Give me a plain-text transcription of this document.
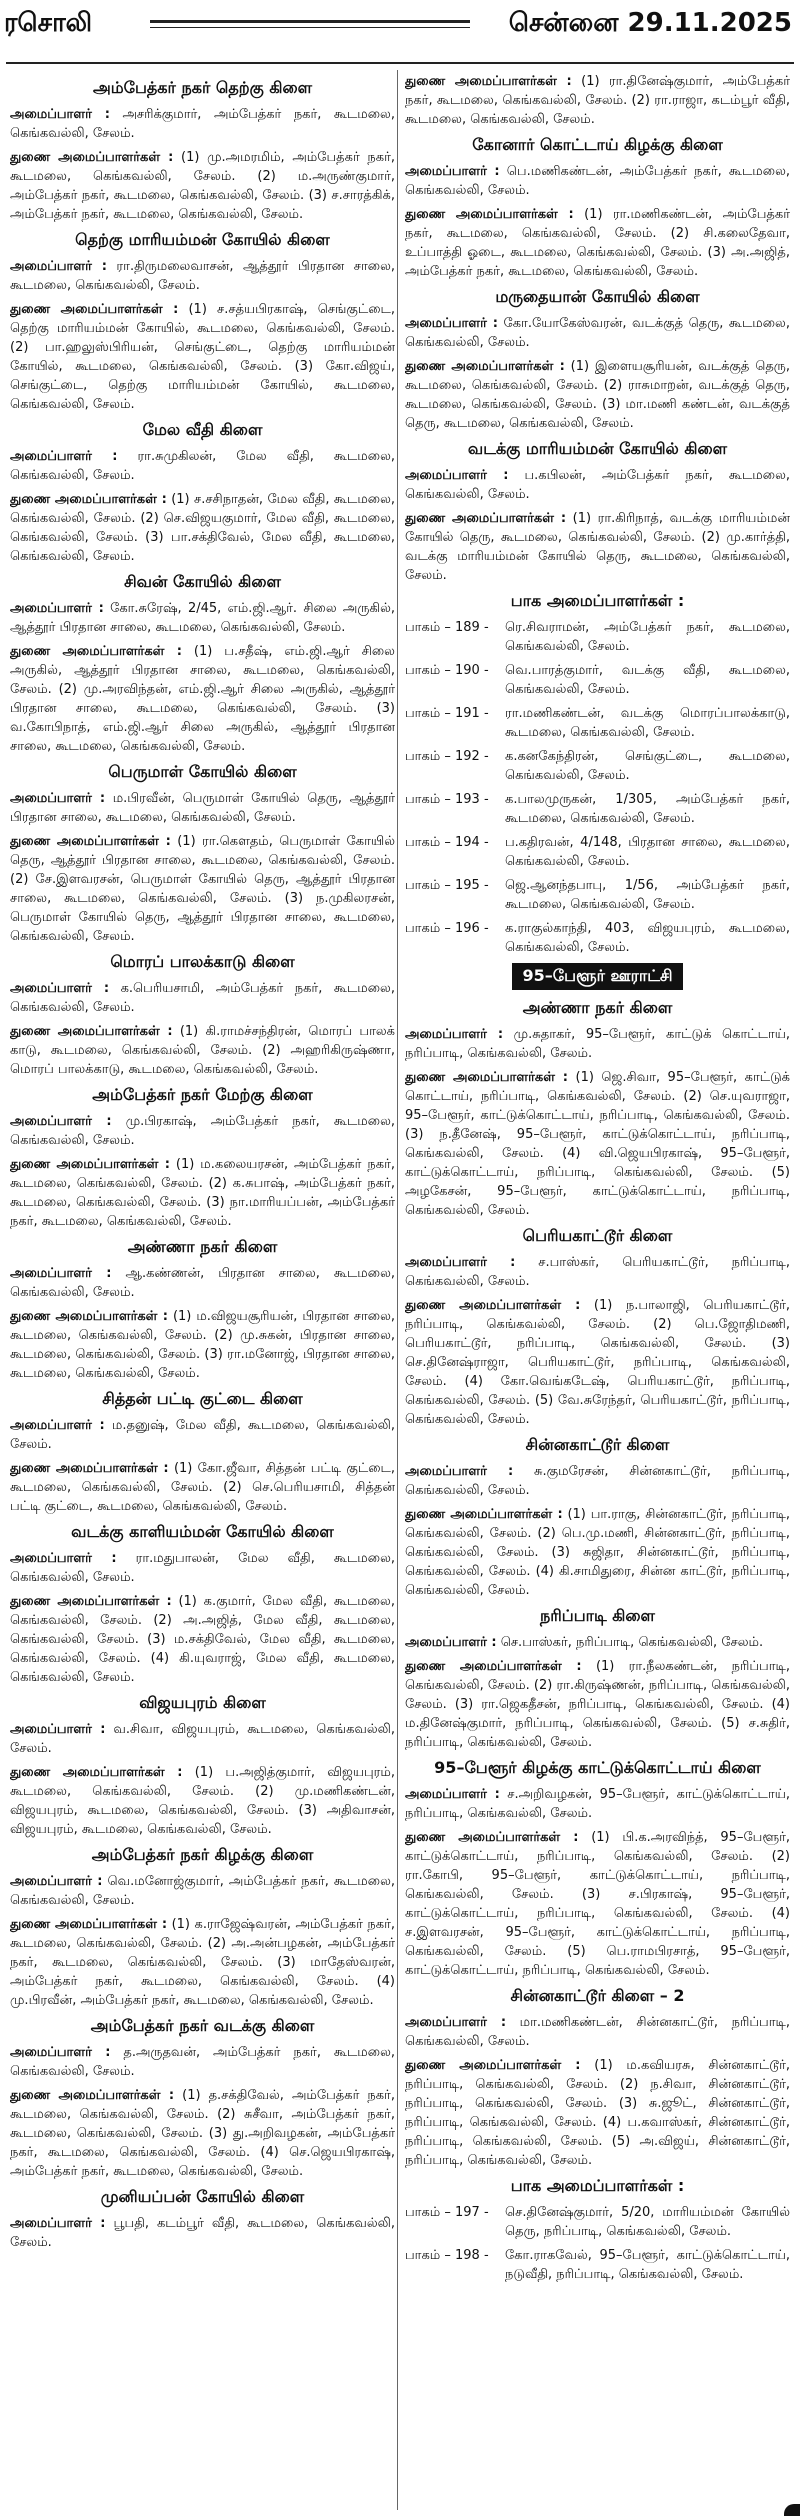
ரசொலி	சென்னை 29.11.2025
அம்பேத்கர் நகர் தெற்கு கிளை

அமைப்பாளர் : அசரிக்குமார், அம்பேத்கர் நகர், கூடமலை, கெங்கவல்லி, சேலம்.

துணை அமைப்பாளர்கள் : (1) மு.அமரமிம், அம்பேத்கர் நகர், கூடமலை, கெங்கவல்லி, சேலம். (2) ம.அருண்குமார், அம்பேத்கர் நகர், கூடமலை, கெங்கவல்லி, சேலம். (3) ச.சாரத்கிக், அம்பேத்கர் நகர், கூடமலை, கெங்கவல்லி, சேலம்.

தெற்கு மாரியம்மன் கோயில் கிளை

அமைப்பாளர் : ரா.திருமலைவாசன், ஆத்தூர் பிரதான சாலை, கூடமலை, கெங்கவல்லி, சேலம்.

துணை அமைப்பாளர்கள் : (1) ச.சத்யபிரகாஷ், செங்குட்டை, தெற்கு மாரியம்மன் கோயில், கூடமலை, கெங்கவல்லி, சேலம். (2) பா.ஹலுஸ்பிரியன், செங்குட்டை, தெற்கு மாரியம்மன் கோயில், கூடமலை, கெங்கவல்லி, சேலம். (3) கோ.விஜய், செங்குட்டை, தெற்கு மாரியம்மன் கோயில், கூடமலை, கெங்கவல்லி, சேலம்.

மேல வீதி கிளை

அமைப்பாளர் : ரா.சுமுகிலன், மேல வீதி, கூடமலை, கெங்கவல்லி, சேலம்.

துணை அமைப்பாளர்கள் : (1) ச.சசிநாதன், மேல வீதி, கூடமலை, கெங்கவல்லி, சேலம். (2) செ.விஜயகுமார், மேல வீதி, கூடமலை, கெங்கவல்லி, சேலம். (3) பா.சக்திவேல், மேல வீதி, கூடமலை, கெங்கவல்லி, சேலம்.

சிவன் கோயில் கிளை

அமைப்பாளர் : கோ.சுரேஷ், 2/45, எம்.ஜி.ஆர். சிலை அருகில், ஆத்தூர் பிரதான சாலை, கூடமலை, கெங்கவல்லி, சேலம்.

துணை அமைப்பாளர்கள் : (1) ப.சதீஷ், எம்.ஜி.ஆர் சிலை அருகில், ஆத்தூர் பிரதான சாலை, கூடமலை, கெங்கவல்லி, சேலம். (2) மு.அரவிந்தன், எம்.ஜி.ஆர் சிலை அருகில், ஆத்தூர் பிரதான சாலை, கூடமலை, கெங்கவல்லி, சேலம். (3) வ.கோபிநாத், எம்.ஜி.ஆர் சிலை அருகில், ஆத்தூர் பிரதான சாலை, கூடமலை, கெங்கவல்லி, சேலம்.

பெருமாள் கோயில் கிளை

அமைப்பாளர் : ம.பிரவீன், பெருமாள் கோயில் தெரு, ஆத்தூர் பிரதான சாலை, கூடமலை, கெங்கவல்லி, சேலம்.

துணை அமைப்பாளர்கள் : (1) ரா.கௌதம், பெருமாள் கோயில் தெரு, ஆத்தூர் பிரதான சாலை, கூடமலை, கெங்கவல்லி, சேலம். (2) சே.இளவரசன், பெருமாள் கோயில் தெரு, ஆத்தூர் பிரதான சாலை, கூடமலை, கெங்கவல்லி, சேலம். (3) ந.முகிலரசன், பெருமாள் கோயில் தெரு, ஆத்தூர் பிரதான சாலை, கூடமலை, கெங்கவல்லி, சேலம்.

மொரப் பாலக்காடு கிளை

அமைப்பாளர் : க.பெரியசாமி, அம்பேத்கர் நகர், கூடமலை, கெங்கவல்லி, சேலம்.

துணை அமைப்பாளர்கள் : (1) கி.ராமச்சந்திரன், மொரப் பாலக் காடு, கூடமலை, கெங்கவல்லி, சேலம். (2) அஹரிகிருஷ்ணா, மொரப் பாலக்காடு, கூடமலை, கெங்கவல்லி, சேலம்.

அம்பேத்கர் நகர் மேற்கு கிளை

அமைப்பாளர் : மு.பிரகாஷ், அம்பேத்கர் நகர், கூடமலை, கெங்கவல்லி, சேலம்.

துணை அமைப்பாளர்கள் : (1) ம.கலையரசன், அம்பேத்கர் நகர், கூடமலை, கெங்கவல்லி, சேலம். (2) க.சுபாஷ், அம்பேத்கர் நகர், கூடமலை, கெங்கவல்லி, சேலம். (3) நா.மாரியப்பன், அம்பேத்கர் நகர், கூடமலை, கெங்கவல்லி, சேலம்.

அண்ணா நகர் கிளை

அமைப்பாளர் : ஆ.கண்ணன், பிரதான சாலை, கூடமலை, கெங்கவல்லி, சேலம்.

துணை அமைப்பாளர்கள் : (1) ம.விஜயசூரியன், பிரதான சாலை, கூடமலை, கெங்கவல்லி, சேலம். (2) மு.சுகன், பிரதான சாலை, கூடமலை, கெங்கவல்லி, சேலம். (3) ரா.மனோஜ், பிரதான சாலை, கூடமலை, கெங்கவல்லி, சேலம்.

சித்தன் பட்டி குட்டை கிளை

அமைப்பாளர் : ம.தனுஷ், மேல வீதி, கூடமலை, கெங்கவல்லி, சேலம்.

துணை அமைப்பாளர்கள் : (1) கோ.ஜீவா, சித்தன் பட்டி குட்டை, கூடமலை, கெங்கவல்லி, சேலம். (2) செ.பெரியசாமி, சித்தன் பட்டி குட்டை, கூடமலை, கெங்கவல்லி, சேலம்.

வடக்கு காளியம்மன் கோயில் கிளை

அமைப்பாளர் : ரா.மதுபாலன், மேல வீதி, கூடமலை, கெங்கவல்லி, சேலம்.

துணை அமைப்பாளர்கள் : (1) க.குமார், மேல வீதி, கூடமலை, கெங்கவல்லி, சேலம். (2) அ.அஜித், மேல வீதி, கூடமலை, கெங்கவல்லி, சேலம். (3) ம.சக்திவேல், மேல வீதி, கூடமலை, கெங்கவல்லி, சேலம். (4) கி.யுவராஜ், மேல வீதி, கூடமலை, கெங்கவல்லி, சேலம்.

விஜயபுரம் கிளை

அமைப்பாளர் : வ.சிவா, விஜயபுரம், கூடமலை, கெங்கவல்லி, சேலம்.

துணை அமைப்பாளர்கள் : (1) ப.அஜித்குமார், விஜயபுரம், கூடமலை, கெங்கவல்லி, சேலம். (2) மு.மணிகண்டன், விஜயபுரம், கூடமலை, கெங்கவல்லி, சேலம். (3) அதிவாசன், விஜயபுரம், கூடமலை, கெங்கவல்லி, சேலம்.

அம்பேத்கர் நகர் கிழக்கு கிளை

அமைப்பாளர் : வெ.மனோஜ்குமார், அம்பேத்கர் நகர், கூடமலை, கெங்கவல்லி, சேலம்.

துணை அமைப்பாளர்கள் : (1) க.ராஜேஷ்வரன், அம்பேத்கர் நகர், கூடமலை, கெங்கவல்லி, சேலம். (2) அ.அன்பழகன், அம்பேத்கர் நகர், கூடமலை, கெங்கவல்லி, சேலம். (3) மாதேஸ்வரன், அம்பேத்கர் நகர், கூடமலை, கெங்கவல்லி, சேலம். (4) மு.பிரவீன், அம்பேத்கர் நகர், கூடமலை, கெங்கவல்லி, சேலம்.

அம்பேத்கர் நகர் வடக்கு கிளை

அமைப்பாளர் : த.அருதவன், அம்பேத்கர் நகர், கூடமலை, கெங்கவல்லி, சேலம்.

துணை அமைப்பாளர்கள் : (1) த.சக்திவேல், அம்பேத்கர் நகர், கூடமலை, கெங்கவல்லி, சேலம். (2) சுசீவா, அம்பேத்கர் நகர், கூடமலை, கெங்கவல்லி, சேலம். (3) து.அறிவழகன், அம்பேத்கர் நகர், கூடமலை, கெங்கவல்லி, சேலம். (4) செ.ஜெயபிரகாஷ், அம்பேத்கர் நகர், கூடமலை, கெங்கவல்லி, சேலம்.

முனியப்பன் கோயில் கிளை

அமைப்பாளர் : பூபதி, கடம்பூர் வீதி, கூடமலை, கெங்கவல்லி, சேலம்.

துணை அமைப்பாளர்கள் : (1) ரா.தினேஷ்குமார், அம்பேத்கர் நகர், கூடமலை, கெங்கவல்லி, சேலம். (2) ரா.ராஜா, கடம்பூர் வீதி, கூடமலை, கெங்கவல்லி, சேலம்.

கோனார் கொட்டாய் கிழக்கு கிளை

அமைப்பாளர் : பெ.மணிகண்டன், அம்பேத்கர் நகர், கூடமலை, கெங்கவல்லி, சேலம்.

துணை அமைப்பாளர்கள் : (1) ரா.மணிகண்டன், அம்பேத்கர் நகர், கூடமலை, கெங்கவல்லி, சேலம். (2) சி.கலைதேவா, உப்பாத்தி ஓடை, கூடமலை, கெங்கவல்லி, சேலம். (3) அ.அஜித், அம்பேத்கர் நகர், கூடமலை, கெங்கவல்லி, சேலம்.

மருதையான் கோயில் கிளை

அமைப்பாளர் : கோ.யோகேஸ்வரன், வடக்குத் தெரு, கூடமலை, கெங்கவல்லி, சேலம்.

துணை அமைப்பாளர்கள் : (1) இளையசூரியன், வடக்குத் தெரு, கூடமலை, கெங்கவல்லி, சேலம். (2) ராசுமாறன், வடக்குத் தெரு, கூடமலை, கெங்கவல்லி, சேலம். (3) மா.மணி கண்டன், வடக்குத் தெரு, கூடமலை, கெங்கவல்லி, சேலம்.

வடக்கு மாரியம்மன் கோயில் கிளை

அமைப்பாளர் : ப.கபிலன், அம்பேத்கர் நகர், கூடமலை, கெங்கவல்லி, சேலம்.

துணை அமைப்பாளர்கள் : (1) ரா.கிரிநாத், வடக்கு மாரியம்மன் கோயில் தெரு, கூடமலை, கெங்கவல்லி, சேலம். (2) மு.கார்த்தி, வடக்கு மாரியம்மன் கோயில் தெரு, கூடமலை, கெங்கவல்லி, சேலம்.

பாக அமைப்பாளர்கள் :
பாகம் – 189 -	ரெ.சிவராமன், அம்பேத்கர் நகர், கூடமலை, கெங்கவல்லி, சேலம்.
பாகம் – 190 -	வெ.பாரத்குமார், வடக்கு வீதி, கூடமலை, கெங்கவல்லி, சேலம்.
பாகம் – 191 -	ரா.மணிகண்டன், வடக்கு மொரப்பாலக்காடு, கூடமலை, கெங்கவல்லி, சேலம்.
பாகம் – 192 -	க.கனகேந்திரன், செங்குட்டை, கூடமலை, கெங்கவல்லி, சேலம்.
பாகம் – 193 -	க.பாலமுருகன், 1/305, அம்பேத்கர் நகர், கூடமலை, கெங்கவல்லி, சேலம்.
பாகம் – 194 -	ப.கதிரவன், 4/148, பிரதான சாலை, கூடமலை, கெங்கவல்லி, சேலம்.
பாகம் – 195 -	ஜெ.ஆனந்தபாபு, 1/56, அம்பேத்கர் நகர், கூடமலை, கெங்கவல்லி, சேலம்.
பாகம் – 196 -	க.ராகுல்காந்தி, 403, விஜயபுரம், கூடமலை, கெங்கவல்லி, சேலம்.
95–பேளூர் ஊராட்சி
அண்ணா நகர் கிளை

அமைப்பாளர் : மு.சுதாகர், 95–பேளூர், காட்டுக் கொட்டாய், நரிப்பாடி, கெங்கவல்லி, சேலம்.

துணை அமைப்பாளர்கள் : (1) ஜெ.சிவா, 95–பேளூர், காட்டுக் கொட்டாய், நரிப்பாடி, கெங்கவல்லி, சேலம். (2) செ.யுவராஜா, 95–பேளூர், காட்டுக்கொட்டாய், நரிப்பாடி, கெங்கவல்லி, சேலம். (3) ந.தீனேஷ், 95–பேளூர், காட்டுக்கொட்டாய், நரிப்பாடி, கெங்கவல்லி, சேலம். (4) வி.ஜெயபிரகாஷ், 95–பேளூர், காட்டுக்கொட்டாய், நரிப்பாடி, கெங்கவல்லி, சேலம். (5) அழகேசன், 95–பேளூர், காட்டுக்கொட்டாய், நரிப்பாடி, கெங்கவல்லி, சேலம்.

பெரியகாட்டூர் கிளை

அமைப்பாளர் : ச.பாஸ்கர், பெரியகாட்டூர், நரிப்பாடி, கெங்கவல்லி, சேலம்.

துணை அமைப்பாளர்கள் : (1) ந.பாலாஜி, பெரியகாட்டூர், நரிப்பாடி, கெங்கவல்லி, சேலம். (2) பெ.ஜோதிமணி, பெரியகாட்டூர், நரிப்பாடி, கெங்கவல்லி, சேலம். (3) செ.தினேஷ்ராஜா, பெரியகாட்டூர், நரிப்பாடி, கெங்கவல்லி, சேலம். (4) கோ.வெங்கடேஷ், பெரியகாட்டூர், நரிப்பாடி, கெங்கவல்லி, சேலம். (5) வே.சுரேந்தர், பெரியகாட்டூர், நரிப்பாடி, கெங்கவல்லி, சேலம்.

சின்னகாட்டூர் கிளை

அமைப்பாளர் : சு.குமரேசன், சின்னகாட்டூர், நரிப்பாடி, கெங்கவல்லி, சேலம்.

துணை அமைப்பாளர்கள் : (1) பா.ராகு, சின்னகாட்டூர், நரிப்பாடி, கெங்கவல்லி, சேலம். (2) பெ.மு.மணி, சின்னகாட்டூர், நரிப்பாடி, கெங்கவல்லி, சேலம். (3) சுஜிதா, சின்னகாட்டூர், நரிப்பாடி, கெங்கவல்லி, சேலம். (4) கி.சாமிதுரை, சின்ன காட்டூர், நரிப்பாடி, கெங்கவல்லி, சேலம்.

நரிப்பாடி கிளை

அமைப்பாளர் : செ.பாஸ்கர், நரிப்பாடி, கெங்கவல்லி, சேலம்.

துணை அமைப்பாளர்கள் : (1) ரா.நீலகண்டன், நரிப்பாடி, கெங்கவல்லி, சேலம். (2) ரா.கிருஷ்ணன், நரிப்பாடி, கெங்கவல்லி, சேலம். (3) ரா.ஜெகதீசன், நரிப்பாடி, கெங்கவல்லி, சேலம். (4) ம.தினேஷ்குமார், நரிப்பாடி, கெங்கவல்லி, சேலம். (5) ச.சுதிர், நரிப்பாடி, கெங்கவல்லி, சேலம்.

95–பேளூர் கிழக்கு காட்டுக்கொட்டாய் கிளை

அமைப்பாளர் : ச.அறிவழகன், 95–பேளூர், காட்டுக்கொட்டாய், நரிப்பாடி, கெங்கவல்லி, சேலம்.

துணை அமைப்பாளர்கள் : (1) பி.க.அரவிந்த், 95–பேளூர், காட்டுக்கொட்டாய், நரிப்பாடி, கெங்கவல்லி, சேலம். (2) ரா.கோபி, 95–பேளூர், காட்டுக்கொட்டாய், நரிப்பாடி, கெங்கவல்லி, சேலம். (3) ச.பிரகாஷ், 95–பேளூர், காட்டுக்கொட்டாய், நரிப்பாடி, கெங்கவல்லி, சேலம். (4) ச.இளவரசன், 95–பேளூர், காட்டுக்கொட்டாய், நரிப்பாடி, கெங்கவல்லி, சேலம். (5) பெ.ராமபிரசாத், 95–பேளூர், காட்டுக்கொட்டாய், நரிப்பாடி, கெங்கவல்லி, சேலம்.

சின்னகாட்டூர் கிளை – 2

அமைப்பாளர் : மா.மணிகண்டன், சின்னகாட்டூர், நரிப்பாடி, கெங்கவல்லி, சேலம்.

துணை அமைப்பாளர்கள் : (1) ம.கவியரசு, சின்னகாட்டூர், நரிப்பாடி, கெங்கவல்லி, சேலம். (2) ந.சிவா, சின்னகாட்டூர், நரிப்பாடி, கெங்கவல்லி, சேலம். (3) சு.ஜூட், சின்னகாட்டூர், நரிப்பாடி, கெங்கவல்லி, சேலம். (4) ப.கவாஸ்கர், சின்னகாட்டூர், நரிப்பாடி, கெங்கவல்லி, சேலம். (5) அ.விஜய், சின்னகாட்டூர், நரிப்பாடி, கெங்கவல்லி, சேலம்.

பாக அமைப்பாளர்கள் :
பாகம் – 197 -	செ.தினேஷ்குமார், 5/20, மாரியம்மன் கோயில் தெரு, நரிப்பாடி, கெங்கவல்லி, சேலம்.
பாகம் – 198 -	கோ.ராகவேல், 95–பேளூர், காட்டுக்கொட்டாய், நடுவீதி, நரிப்பாடி, கெங்கவல்லி, சேலம்.
